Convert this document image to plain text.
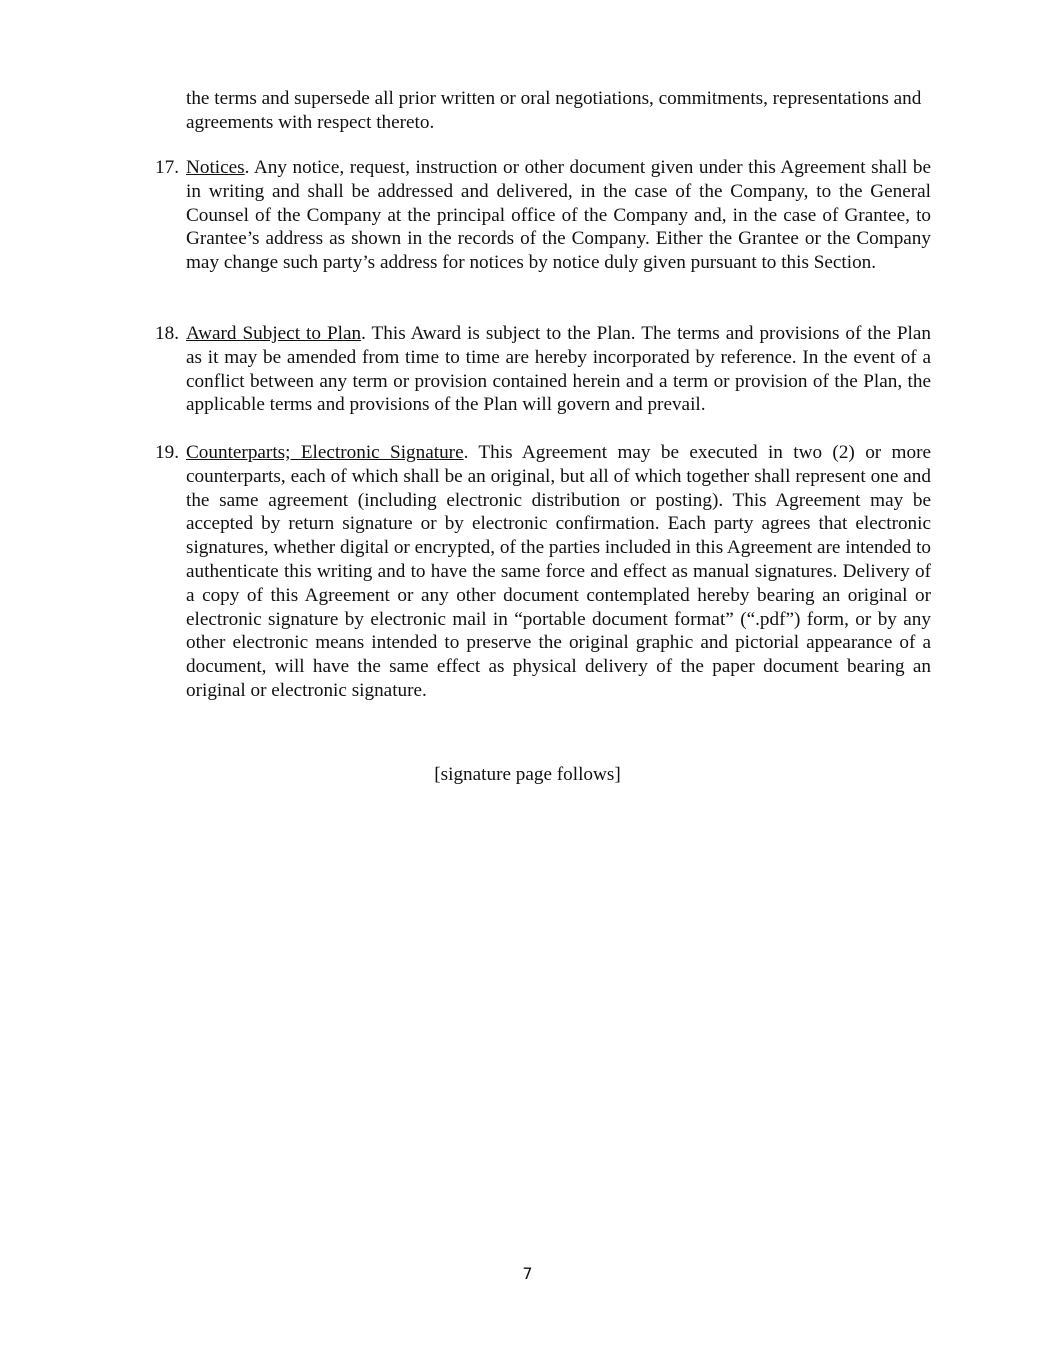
the terms and supersede all prior written or oral negotiations, commitments, representations and agreements with respect thereto.
17. Notices. Any notice, request, instruction or other document given under this Agreement shall be in writing and shall be addressed and delivered, in the case of the Company, to the General Counsel of the Company at the principal office of the Company and, in the case of Grantee, to Grantee’s address as shown in the records of the Company. Either the Grantee or the Company may change such party’s address for notices by notice duly given pursuant to this Section.
18. Award Subject to Plan. This Award is subject to the Plan. The terms and provisions of the Plan as it may be amended from time to time are hereby incorporated by reference. In the event of a conflict between any term or provision contained herein and a term or provision of the Plan, the applicable terms and provisions of the Plan will govern and prevail.
19. Counterparts; Electronic Signature. This Agreement may be executed in two (2) or more counterparts, each of which shall be an original, but all of which together shall represent one and the same agreement (including electronic distribution or posting). This Agreement may be accepted by return signature or by electronic confirmation. Each party agrees that electronic signatures, whether digital or encrypted, of the parties included in this Agreement are intended to authenticate this writing and to have the same force and effect as manual signatures. Delivery of a copy of this Agreement or any other document contemplated hereby bearing an original or electronic signature by electronic mail in “portable document format” (“.pdf”) form, or by any other electronic means intended to preserve the original graphic and pictorial appearance of a document, will have the same effect as physical delivery of the paper document bearing an original or electronic signature.
[signature page follows]
7
